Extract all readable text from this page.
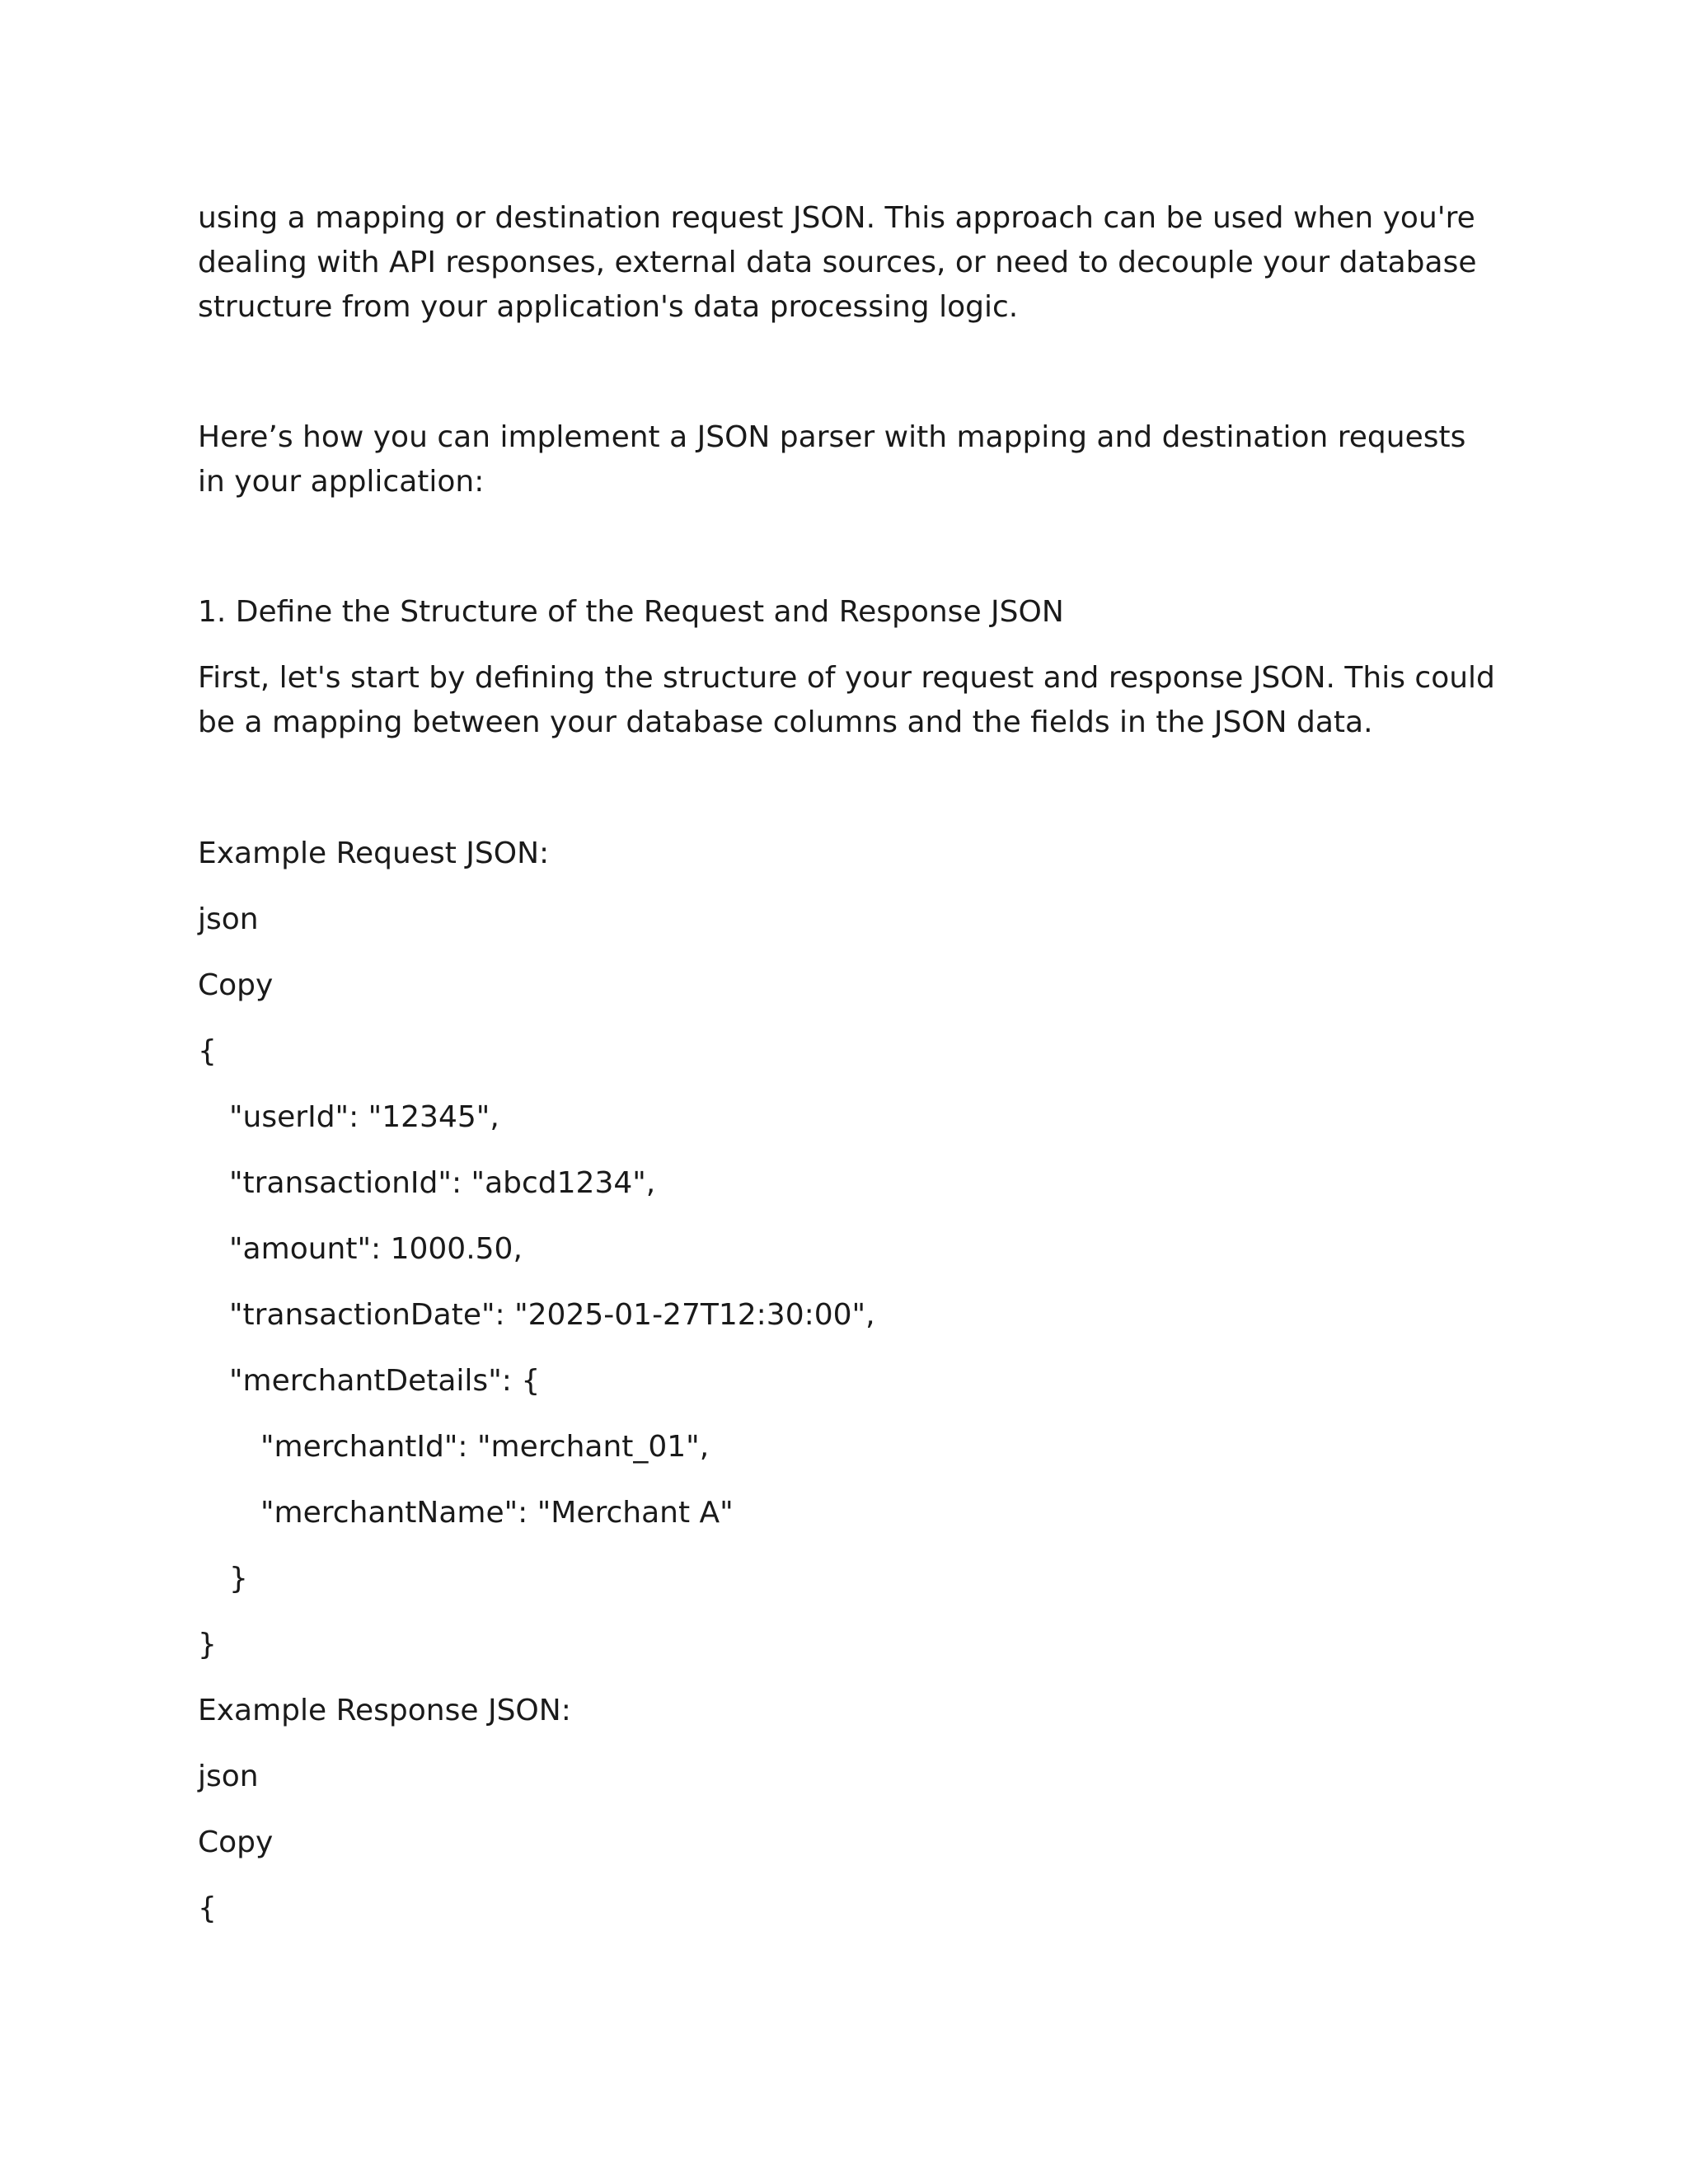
using a mapping or destination request JSON. This approach can be used when you're dealing with API responses, external data sources, or need to decouple your database structure from your application's data processing logic.

Here’s how you can implement a JSON parser with mapping and destination requests in your application:

1. Define the Structure of the Request and Response JSON

First, let's start by defining the structure of your request and response JSON. This could be a mapping between your database columns and the fields in the JSON data.

Example Request JSON:

json

Copy

{

"userId": "12345",

"transactionId": "abcd1234",

"amount": 1000.50,

"transactionDate": "2025-01-27T12:30:00",

"merchantDetails": {

"merchantId": "merchant_01",

"merchantName": "Merchant A"

}

}

Example Response JSON:

json

Copy

{
